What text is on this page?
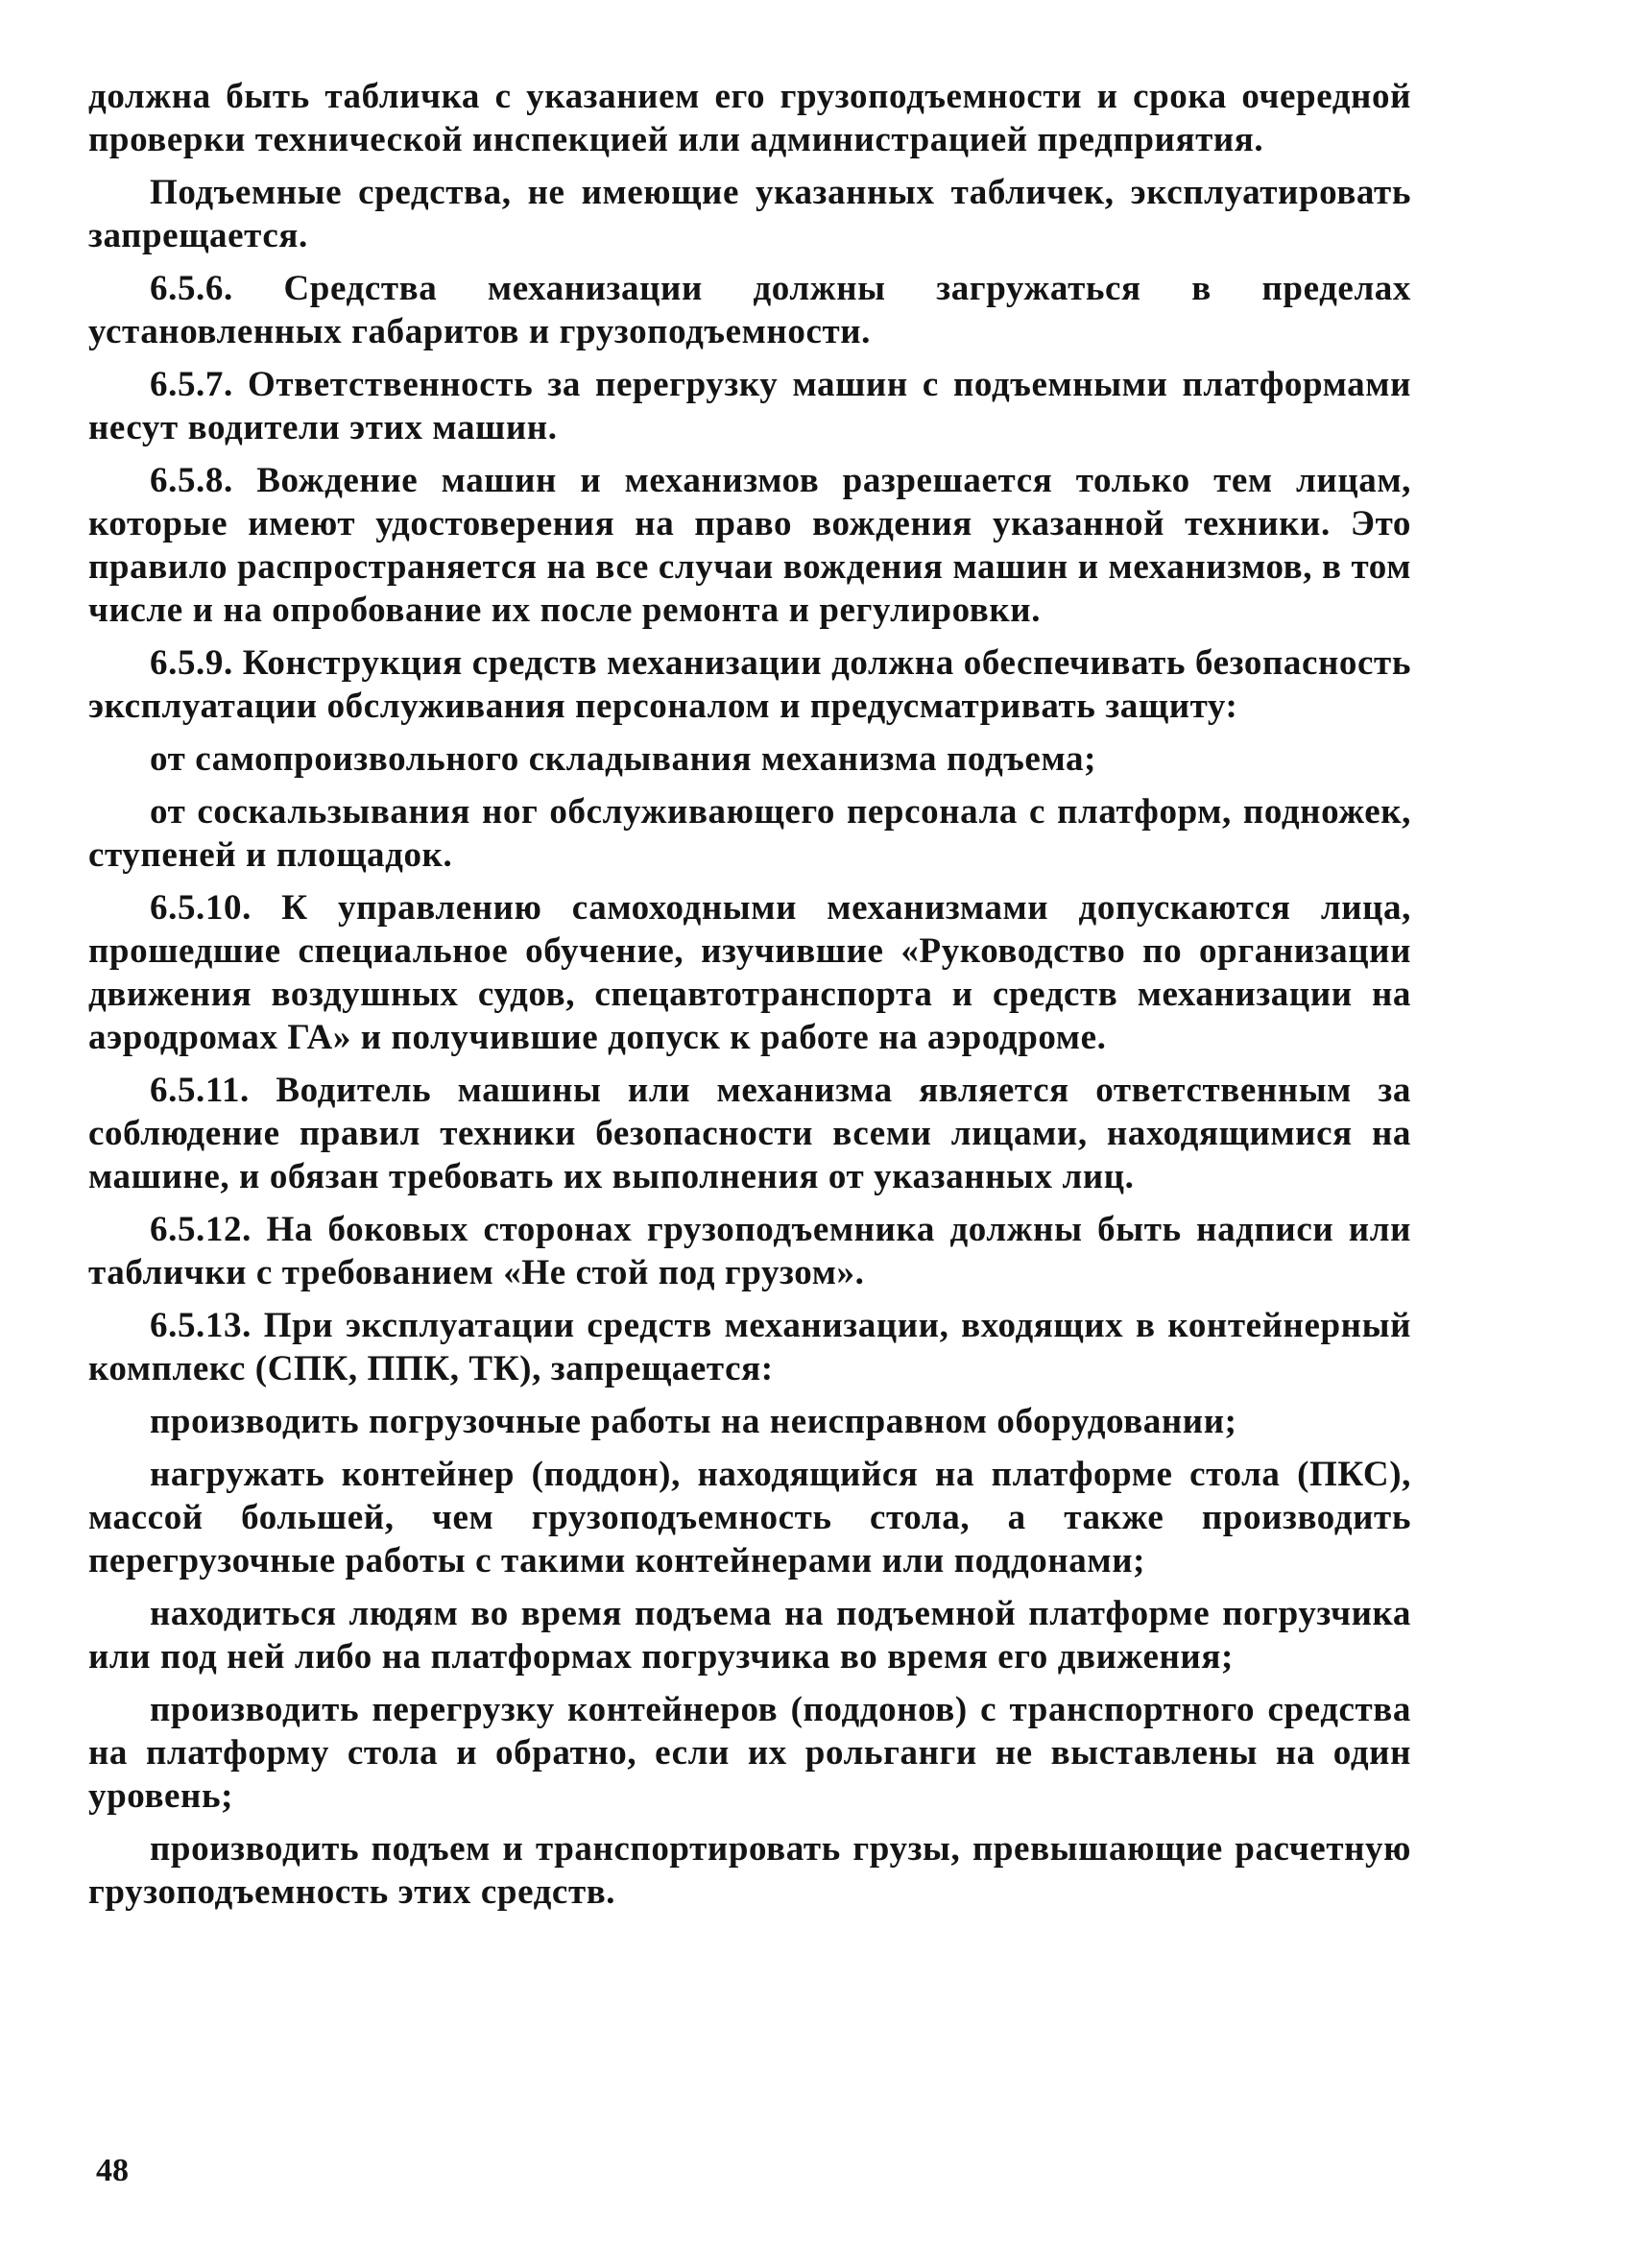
должна быть табличка с указанием его грузоподъемности и срока очередной проверки технической инспекцией или администрацией предприятия.

Подъемные средства, не имеющие указанных табличек, эксплуатировать запрещается.

6.5.6. Средства механизации должны загружаться в пределах установленных габаритов и грузоподъемности.

6.5.7. Ответственность за перегрузку машин с подъемными платформами несут водители этих машин.

6.5.8. Вождение машин и механизмов разрешается только тем лицам, которые имеют удостоверения на право вождения указанной техники. Это правило распространяется на все случаи вождения машин и механизмов, в том числе и на опробование их после ремонта и регулировки.

6.5.9. Конструкция средств механизации должна обеспечивать безопасность эксплуатации обслуживания персоналом и предусматривать защиту:

от самопроизвольного складывания механизма подъема;

от соскальзывания ног обслуживающего персонала с платформ, подножек, ступеней и площадок.

6.5.10. К управлению самоходными механизмами допускаются лица, прошедшие специальное обучение, изучившие «Руководство по организации движения воздушных судов, спецавтотранспорта и средств механизации на аэродромах ГА» и получившие допуск к работе на аэродроме.

6.5.11. Водитель машины или механизма является ответственным за соблюдение правил техники безопасности всеми лицами, находящимися на машине, и обязан требовать их выполнения от указанных лиц.

6.5.12. На боковых сторонах грузоподъемника должны быть надписи или таблички с требованием «Не стой под грузом».

6.5.13. При эксплуатации средств механизации, входящих в контейнерный комплекс (СПК, ППК, ТК), запрещается:

производить погрузочные работы на неисправном оборудовании;

нагружать контейнер (поддон), находящийся на платформе стола (ПКС), массой большей, чем грузоподъемность стола, а также производить перегрузочные работы с такими контейнерами или поддонами;

находиться людям во время подъема на подъемной платформе погрузчика или под ней либо на платформах погрузчика во время его движения;

производить перегрузку контейнеров (поддонов) с транспортного средства на платформу стола и обратно, если их рольганги не выставлены на один уровень;

производить подъем и транспортировать грузы, превышающие расчетную грузоподъемность этих средств.

48
